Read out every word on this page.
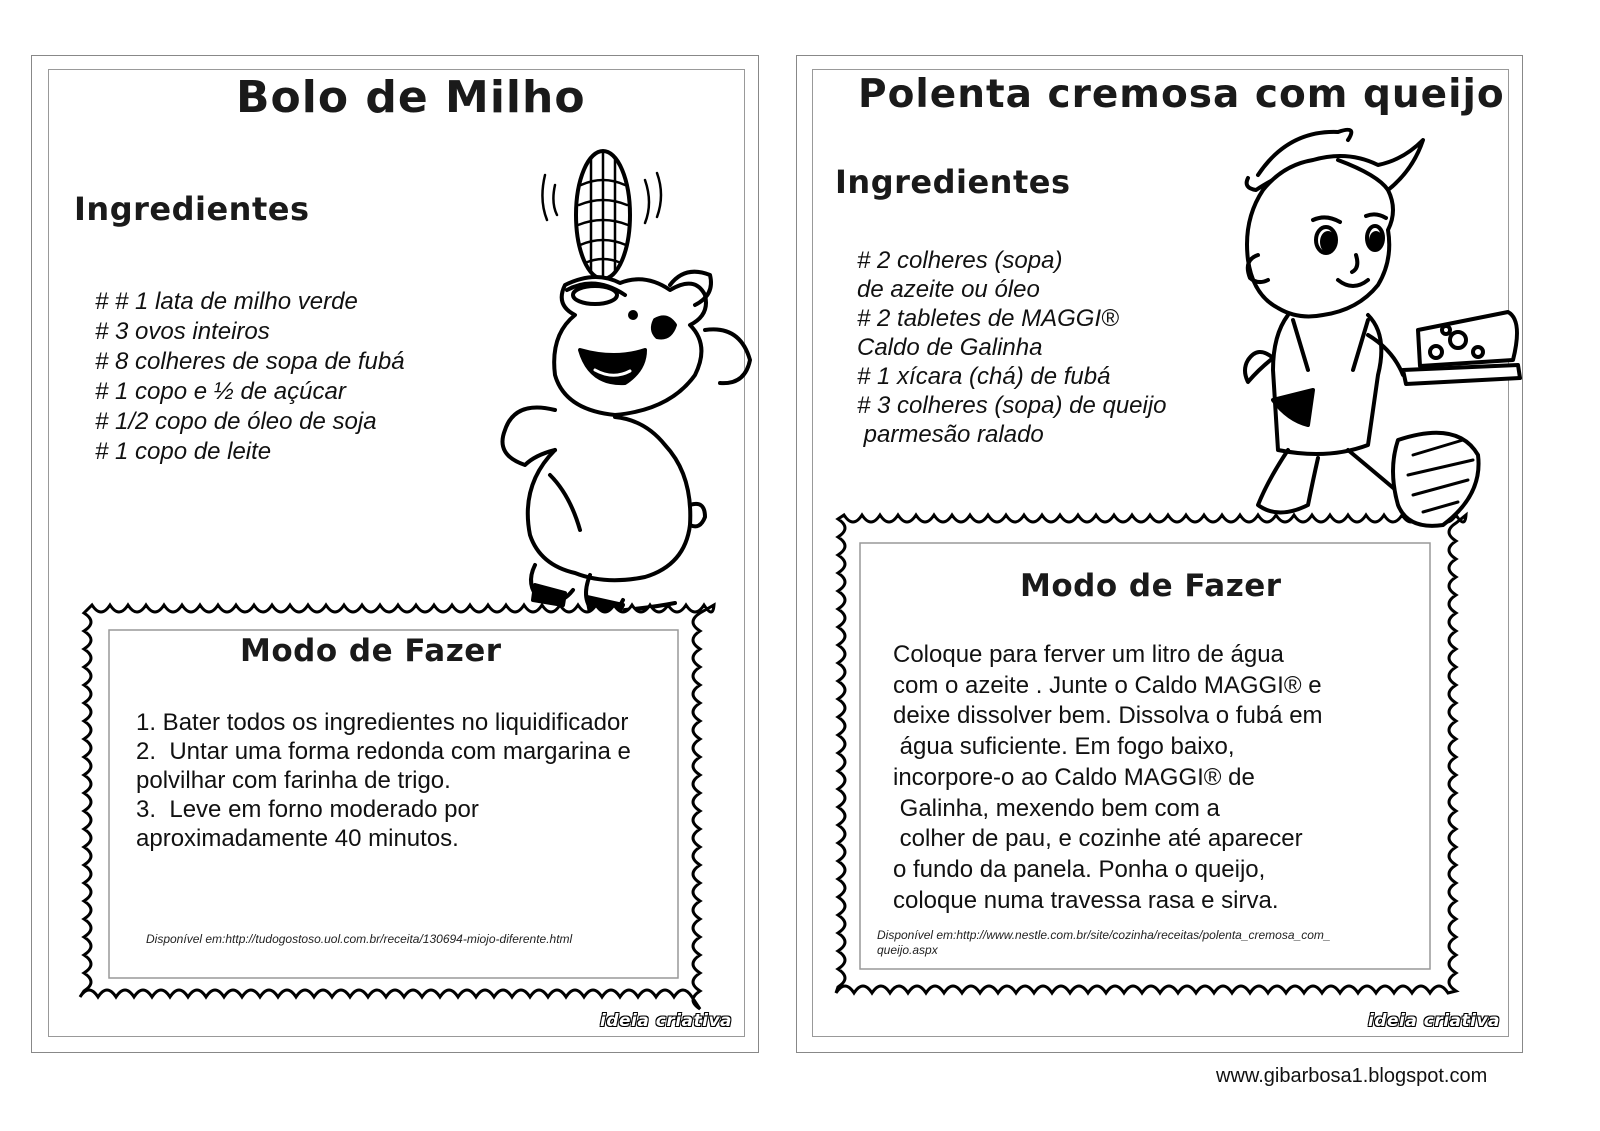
Bolo de Milho
Ingredientes
# # 1 lata de milho verde
# 3 ovos inteiros
# 8 colheres de sopa de fubá
# 1 copo e ½ de açúcar
# 1/2 copo de óleo de soja
# 1 copo de leite
Modo de Fazer
1. Bater todos os ingredientes no liquidificador
2.  Untar uma forma redonda com margarina e
polvilhar com farinha de trigo.
3.  Leve em forno moderado por
aproximadamente 40 minutos.
Disponível em:http://tudogostoso.uol.com.br/receita/130694-miojo-diferente.html
ideia criativa
Polenta cremosa com queijo
Ingredientes
# 2 colheres (sopa)
de azeite ou óleo
# 2 tabletes de MAGGI®
Caldo de Galinha
# 1 xícara (chá) de fubá
# 3 colheres (sopa) de queijo
parmesão ralado
Modo de Fazer
Coloque para ferver um litro de água
com o azeite . Junte o Caldo MAGGI® e
deixe dissolver bem. Dissolva o fubá em
água suficiente. Em fogo baixo,
incorpore-o ao Caldo MAGGI® de
Galinha, mexendo bem com a
colher de pau, e cozinhe até aparecer
o fundo da panela. Ponha o queijo,
coloque numa travessa rasa e sirva.
Disponível em:http://www.nestle.com.br/site/cozinha/receitas/polenta_cremosa_com_
queijo.aspx
ideia criativa
www.gibarbosa1.blogspot.com
